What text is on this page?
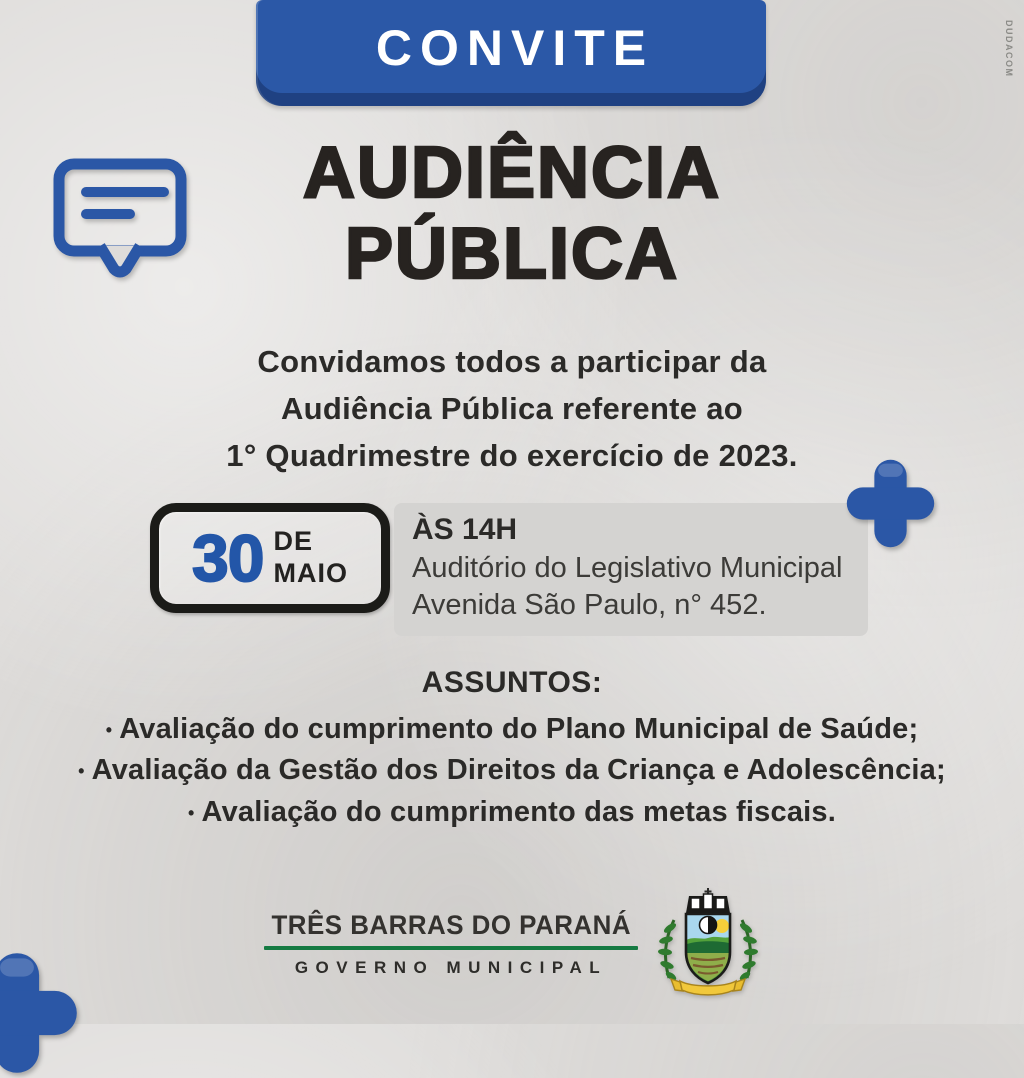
CONVITE	DUDACOM
AUDIÊNCIA
PÚBLICA
Convidamos todos a participar da
Audiência Pública referente ao
1° Quadrimestre do exercício de 2023.
30 DE
MAIO
ÀS 14H
Auditório do Legislativo Municipal
Avenida São Paulo, n° 452.
ASSUNTOS:
• Avaliação do cumprimento do Plano Municipal de Saúde;
• Avaliação da Gestão dos Direitos da Criança e Adolescência;
• Avaliação do cumprimento das metas fiscais.
TRÊS BARRAS DO PARANÁ
GOVERNO MUNICIPAL
